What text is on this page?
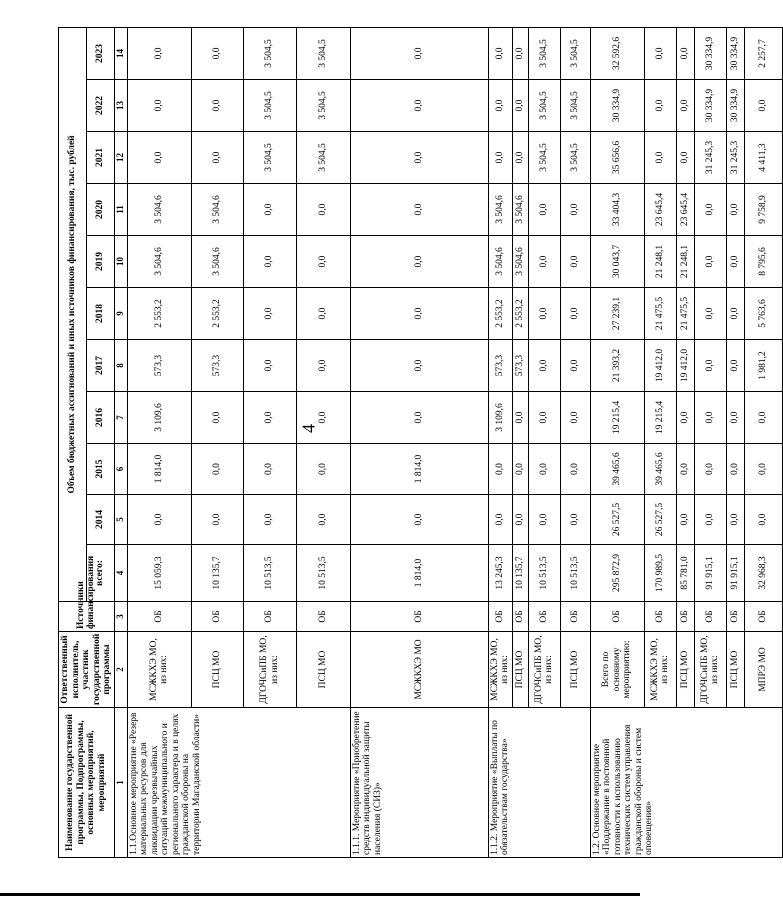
4
Наименование государственной программы, Подпрограммы, основных мероприятий, мероприятий	Ответственный исполнитель, участник государственной программы	Источники финансирования	Объем бюджетных ассигнований и иных источников финансирования, тыс. рублей										
			всего:	2014	2015	2016	2017	2018	2019	2020	2021	2022	2023
1	2	3	4	5	6	7	8	9	10	11	12	13	14
1.1.Основное мероприятие «Резерв материальных ресурсов для ликвидации чрезвычайных ситуаций межмуниципального и регионального характера и в целях гражданской обороны на территории Магаданской области»	МСЖКХЭ МО, из них:	ОБ	15 059,3	0,0	1 814,0	3 109,6	573,3	2 553,2	3 504,6	3 504,6	0,0	0,0	0,0
	ПСЦ МО	ОБ	10 135,7	0,0	0,0	0,0	573,3	2 553,2	3 504,6	3 504,6	0,0	0,0	0,0
	ДГОЧСиПБ МО, из них:	ОБ	10 513,5	0,0	0,0	0,0	0,0	0,0	0,0	0,0	3 504,5	3 504,5	3 504,5
	ПСЦ МО	ОБ	10 513,5	0,0	0,0	0,0	0,0	0,0	0,0	0,0	3 504,5	3 504,5	3 504,5
1.1.1. Мероприятие «Приобретение средств индивидуальной защиты населения (СИЗ)»	МСЖКХЭ МО	ОБ	1 814,0	0,0	1 814,0	0,0	0,0	0,0	0,0	0,0	0,0	0,0	0,0
1.1.2. Мероприятие «Выплаты по обязательствам государства»	МСЖКХЭ МО, из них:	ОБ	13 245,3	0,0	0,0	3 109,6	573,3	2 553,2	3 504,6	3 504,6	0,0	0,0	0,0
	ПСЦ МО	ОБ	10 135,7	0,0	0,0	0,0	573,3	2 553,2	3 504,6	3 504,6	0,0	0,0	0,0
	ДГОЧСиПБ МО, из них:	ОБ	10 513,5	0,0	0,0	0,0	0,0	0,0	0,0	0,0	3 504,5	3 504,5	3 504,5
	ПСЦ МО	ОБ	10 513,5	0,0	0,0	0,0	0,0	0,0	0,0	0,0	3 504,5	3 504,5	3 504,5
1.2. Основное мероприятие «Поддержание в постоянной готовности к использованию технических систем управления гражданской обороны и систем оповещения»	Всего по основному мероприятию:	ОБ	295 872,9	26 527,5	39 465,6	19 215,4	21 393,2	27 239,1	30 043,7	33 404,3	35 656,6	30 334,9	32 592,6
	МСЖКХЭ МО, из них:	ОБ	170 989,5	26 527,5	39 465,6	19 215,4	19 412,0	21 475,5	21 248,1	23 645,4	0,0	0,0	0,0
	ПСЦ МО	ОБ	85 781,0	0,0	0,0	0,0	19 412,0	21 475,5	21 248,1	23 645,4	0,0	0,0	0,0
	ДГОЧСиПБ МО, из них:	ОБ	91 915,1	0,0	0,0	0,0	0,0	0,0	0,0	0,0	31 245,3	30 334,9	30 334,9
	ПСЦ МО	ОБ	91 915,1	0,0	0,0	0,0	0,0	0,0	0,0	0,0	31 245,3	30 334,9	30 334,9
	МПРЭ МО	ОБ	32 968,3	0,0	0,0	0,0	1 981,2	5 763,6	8 795,6	9 758,9	4 411,3	0,0	2 257,7
